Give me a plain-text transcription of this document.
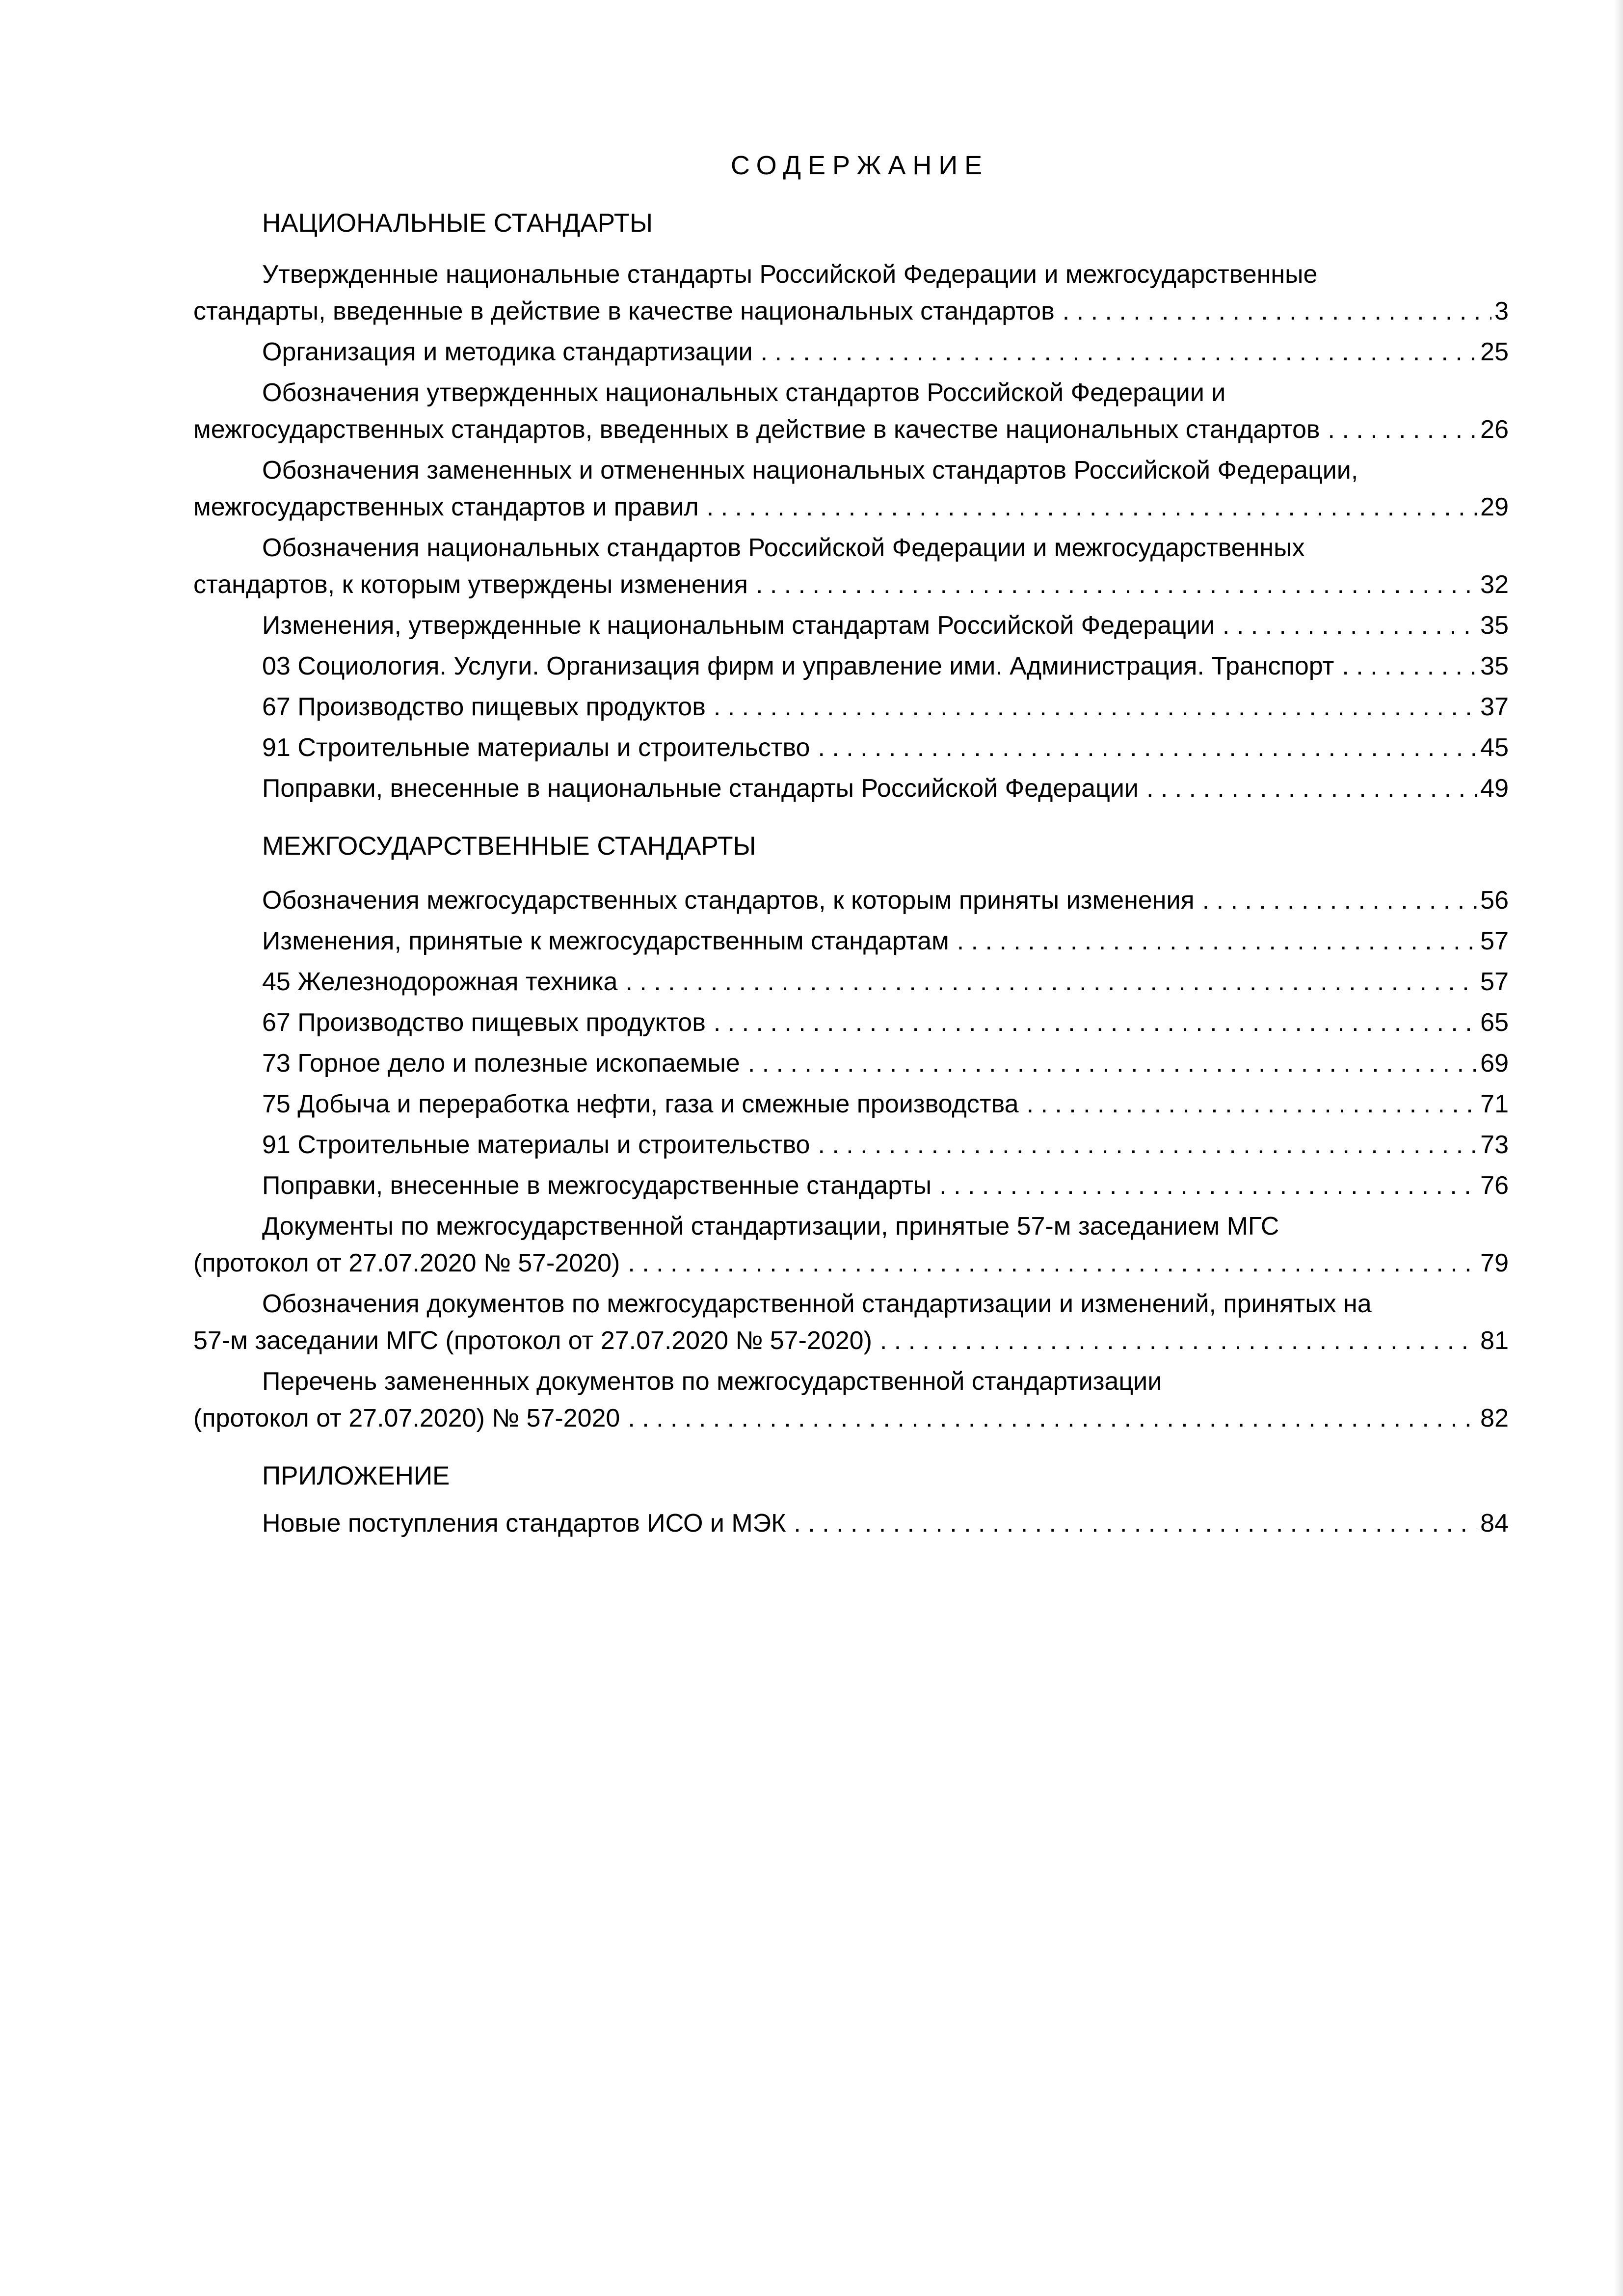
СОДЕРЖАНИЕ
НАЦИОНАЛЬНЫЕ СТАНДАРТЫ
Утвержденные национальные стандарты Российской Федерации и межгосударственные
стандарты, введенные в действие в качестве национальных стандартов . . .	3
Организация и методика стандартизации . . .	25
Обозначения утвержденных национальных стандартов Российской Федерации и
межгосударственных стандартов, введенных в действие в качестве национальных стандартов . . .	26
Обозначения замененных и отмененных национальных стандартов Российской Федерации,
межгосударственных стандартов и правил . . .	29
Обозначения национальных стандартов Российской Федерации и межгосударственных
стандартов, к которым утверждены изменения . . .	32
Изменения, утвержденные к национальным стандартам Российской Федерации . . .	35
03 Социология. Услуги. Организация фирм и управление ими. Администрация. Транспорт . . .	35
67 Производство пищевых продуктов . . .	37
91 Строительные материалы и строительство . . .	45
Поправки, внесенные в национальные стандарты Российской Федерации . . .	49
МЕЖГОСУДАРСТВЕННЫЕ СТАНДАРТЫ
Обозначения межгосударственных стандартов, к которым приняты изменения . . .	56
Изменения, принятые к межгосударственным стандартам . . .	57
45 Железнодорожная техника . . .	57
67 Производство пищевых продуктов . . .	65
73 Горное дело и полезные ископаемые . . .	69
75 Добыча и переработка нефти, газа и смежные производства . . .	71
91 Строительные материалы и строительство . . .	73
Поправки, внесенные в межгосударственные стандарты . . .	76
Документы по межгосударственной стандартизации, принятые 57-м заседанием МГС
(протокол от 27.07.2020 № 57-2020) . . .	79
Обозначения документов по межгосударственной стандартизации и изменений, принятых на
57-м заседании МГС (протокол от 27.07.2020 № 57-2020) . . .	81
Перечень замененных документов по межгосударственной стандартизации
(протокол от 27.07.2020) № 57-2020 . . .	82
ПРИЛОЖЕНИЕ
Новые поступления стандартов ИСО и МЭК . . .	84
